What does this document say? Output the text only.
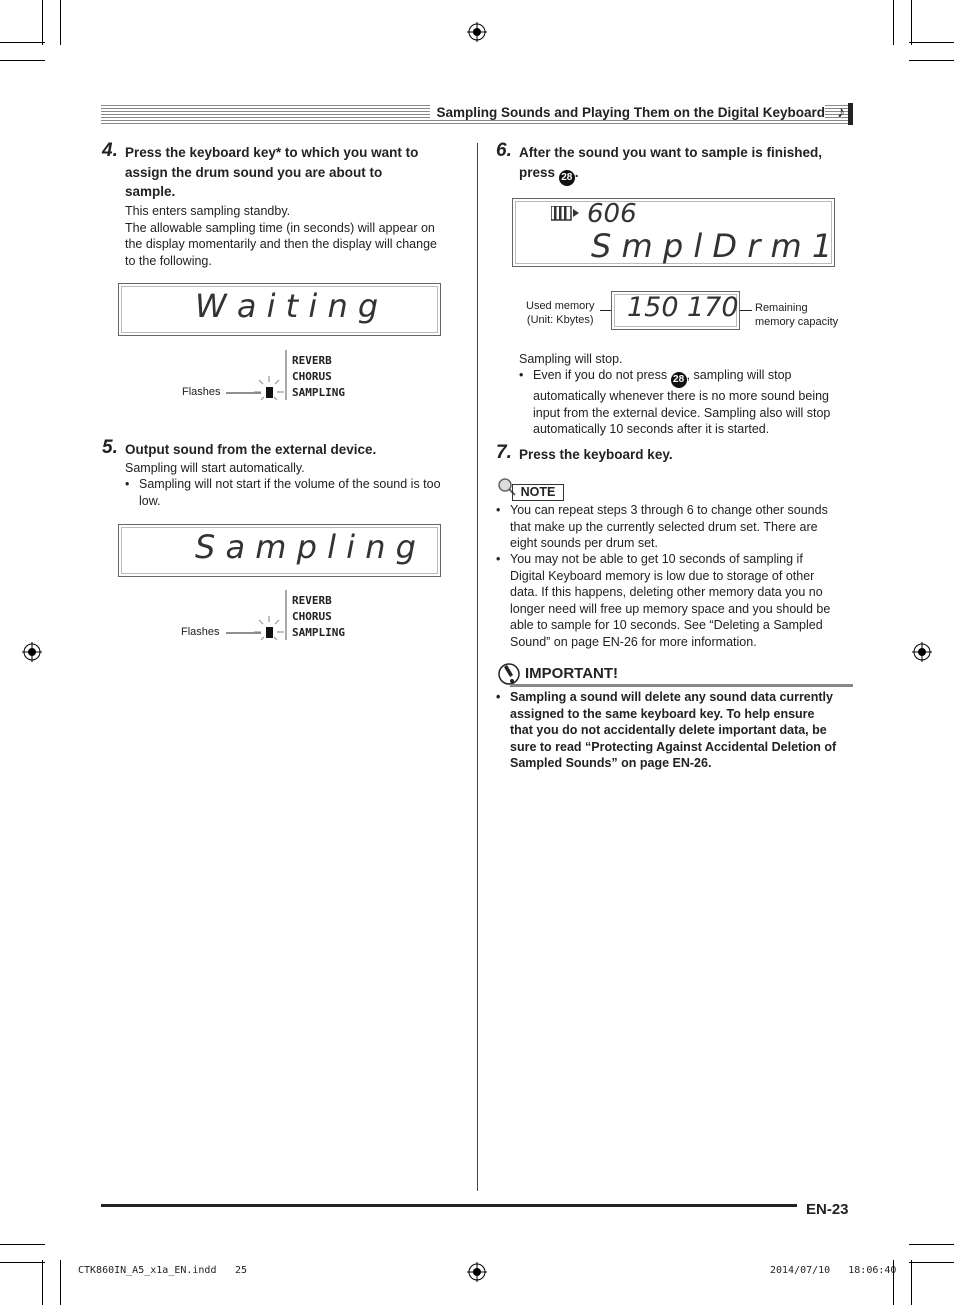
Sampling Sounds and Playing Them on the Digital Keyboard ♪
4. Press the keyboard key* to which you want to
assign the drum sound you are about to
sample.
This enters sampling standby.
The allowable sampling time (in seconds) will appear on
the display momentarily and then the display will change
to the following.
W a i t i n g
Flashes
REVERB
CHORUS
SAMPLING
5. Output sound from the external device.
Sampling will start automatically.
• Sampling will not start if the volume of the sound is too
low.
S a m p l i n g
Flashes
REVERB
CHORUS
SAMPLING
6. After the sound you want to sample is finished,
press 28 .
606
S m p l D r m 1
Used memory
(Unit: Kbytes) 150 170 Remaining
memory capacity
Sampling will stop.
• Even if you do not press 28 , sampling will stop
automatically whenever there is no more sound being
input from the external device. Sampling also will stop
automatically 10 seconds after it is started.
7. Press the keyboard key.
NOTE
• You can repeat steps 3 through 6 to change other sounds
that make up the currently selected drum set. There are
eight sounds per drum set.
• You may not be able to get 10 seconds of sampling if
Digital Keyboard memory is low due to storage of other
data. If this happens, deleting other memory data you no
longer need will free up memory space and you should be
able to sample for 10 seconds. See “Deleting a Sampled
Sound” on page EN-26 for more information.
IMPORTANT!
• Sampling a sound will delete any sound data currently
assigned to the same keyboard key. To help ensure
that you do not accidentally delete important data, be
sure to read “Protecting Against Accidental Deletion of
Sampled Sounds” on page EN-26.
EN-23
CTK860IN_A5_x1a_EN.indd 25	2014/07/10   18:06:40
